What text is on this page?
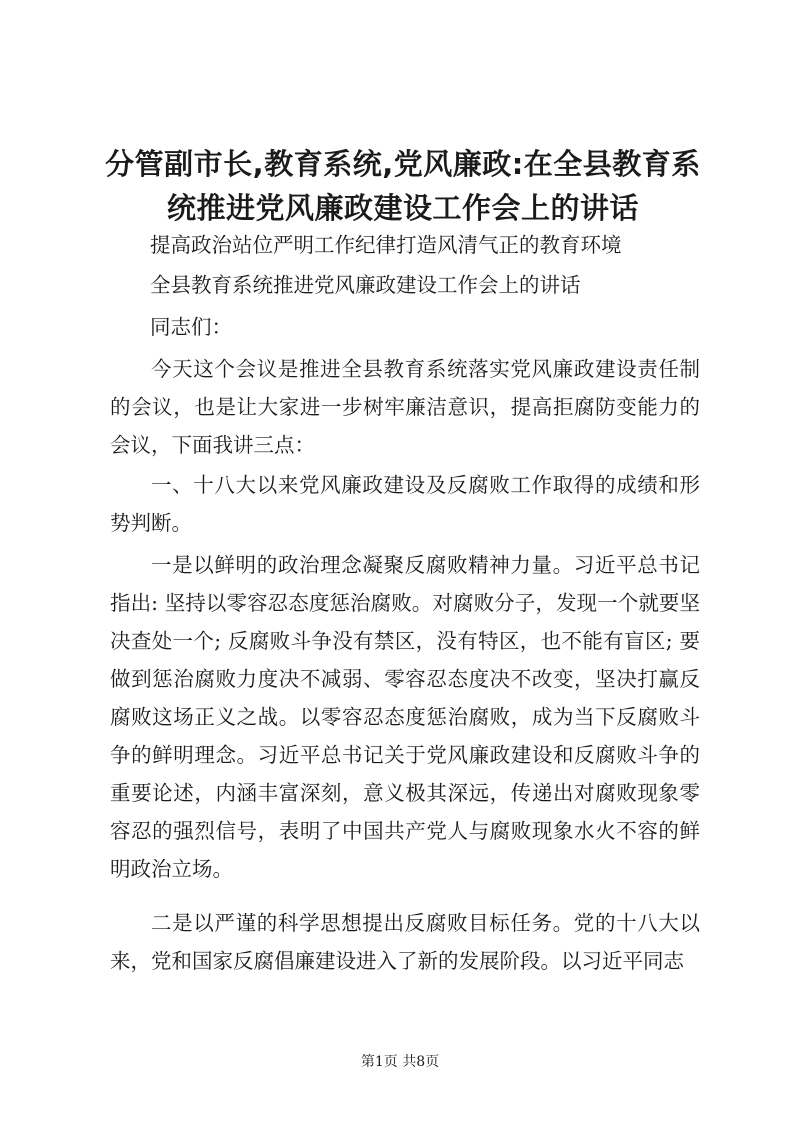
分管副市长,教育系统,党风廉政:在全县教育系统推进党风廉政建设工作会上的讲话

提高政治站位严明工作纪律打造风清气正的教育环境

全县教育系统推进党风廉政建设工作会上的讲话

同志们：

今天这个会议是推进全县教育系统落实党风廉政建设责任制的会议，也是让大家进一步树牢廉洁意识，提高拒腐防变能力的会议，下面我讲三点：

一、十八大以来党风廉政建设及反腐败工作取得的成绩和形势判断。

一是以鲜明的政治理念凝聚反腐败精神力量。习近平总书记指出: 坚持以零容忍态度惩治腐败。对腐败分子，发现一个就要坚决查处一个; 反腐败斗争没有禁区，没有特区，也不能有盲区; 要做到惩治腐败力度决不减弱、零容忍态度决不改变，坚决打赢反腐败这场正义之战。以零容忍态度惩治腐败，成为当下反腐败斗争的鲜明理念。习近平总书记关于党风廉政建设和反腐败斗争的重要论述，内涵丰富深刻，意义极其深远，传递出对腐败现象零容忍的强烈信号，表明了中国共产党人与腐败现象水火不容的鲜明政治立场。

二是以严谨的科学思想提出反腐败目标任务。党的十八大以来，党和国家反腐倡廉建设进入了新的发展阶段。以习近平同志

第1页 共8页
